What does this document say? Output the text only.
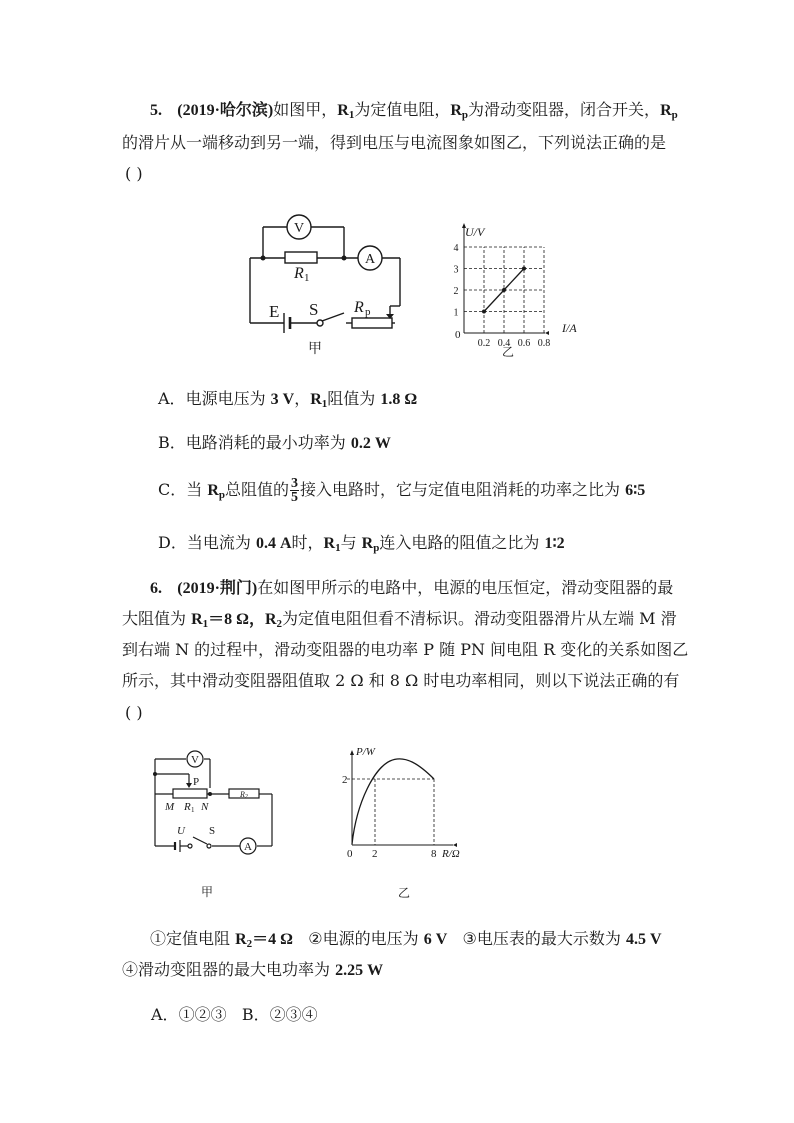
5. (2019·哈尔滨)如图甲，$R_1$为定值电阻，$R_p$为滑动变阻器，闭合开关，$R_p$
的滑片从一端移动到另一端，得到电压与电流图象如图乙，下列说法正确的是
( )
V
A
R 1
E S R p
甲
U/V
I/A
0
乙
0.2 0.4 0.6 0.8
1
2
3
4
A．电源电压为 3 V，$R_1$阻值为 1.8 Ω
B．电路消耗的最小功率为 0.2 W
C．当 $R_p$总阻值的 $\frac{3}{5}$ 接入电路时，它与定值电阻消耗的功率之比为 6∶5
D．当电流为 0.4 A时，$R_1$与 $R_p$连入电路的阻值之比为 1∶2
6. (2019·荆门)在如图甲所示的电路中，电源的电压恒定，滑动变阻器的最
大阻值为 $R_1=8$ Ω，$R_2$为定值电阻但看不清标识。滑动变阻器滑片从左端 M 滑
到右端 N 的过程中，滑动变阻器的电功率 P 随 PN 间电阻 R 变化的关系如图乙
所示，其中滑动变阻器阻值取 2 Ω 和 8 Ω 时电功率相同，则以下说法正确的有
( )
V
A
P
M R 1 N
R 2
U S
甲
P/W
R/Ω
0 2	8
2
乙
①定值电阻 $R_2=4$ Ω ②电源的电压为 6 V ③电压表的最大示数为 4.5 V
④滑动变阻器的最大电功率为 2.25 W
A．①②③ B．②③④
